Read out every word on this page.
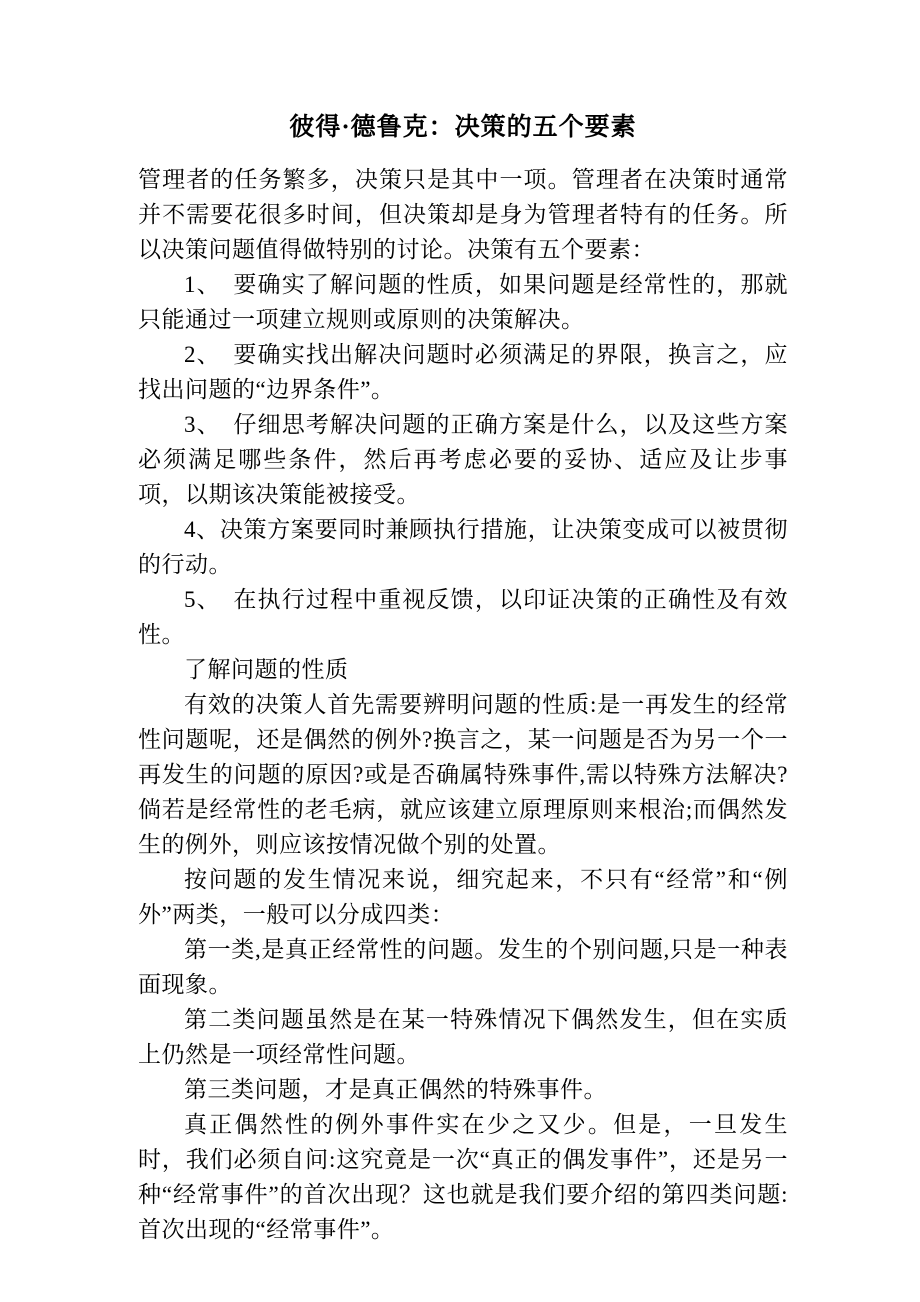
彼得·德鲁克：决策的五个要素

管理者的任务繁多，决策只是其中一项。管理者在决策时通常并不需要花很多时间，但决策却是身为管理者特有的任务。所以决策问题值得做特别的讨论。决策有五个要素：

1、　要确实了解问题的性质，如果问题是经常性的，那就只能通过一项建立规则或原则的决策解决。

2、　要确实找出解决问题时必须满足的界限，换言之，应找出问题的“边界条件”。

3、　仔细思考解决问题的正确方案是什么，以及这些方案必须满足哪些条件，然后再考虑必要的妥协、适应及让步事项，以期该决策能被接受。

4、决策方案要同时兼顾执行措施，让决策变成可以被贯彻的行动。

5、　在执行过程中重视反馈，以印证决策的正确性及有效性。

了解问题的性质

有效的决策人首先需要辨明问题的性质:是一再发生的经常性问题呢，还是偶然的例外?换言之，某一问题是否为另一个一再发生的问题的原因?或是否确属特殊事件,需以特殊方法解决?倘若是经常性的老毛病，就应该建立原理原则来根治;而偶然发生的例外，则应该按情况做个别的处置。

按问题的发生情况来说，细究起来，不只有“经常”和“例外”两类，一般可以分成四类：

第一类,是真正经常性的问题。发生的个别问题,只是一种表面现象。

第二类问题虽然是在某一特殊情况下偶然发生，但在实质上仍然是一项经常性问题。

第三类问题，才是真正偶然的特殊事件。

真正偶然性的例外事件实在少之又少。但是，一旦发生时，我们必须自问:这究竟是一次“真正的偶发事件”，还是另一种“经常事件”的首次出现？这也就是我们要介绍的第四类问题:首次出现的“经常事件”。
